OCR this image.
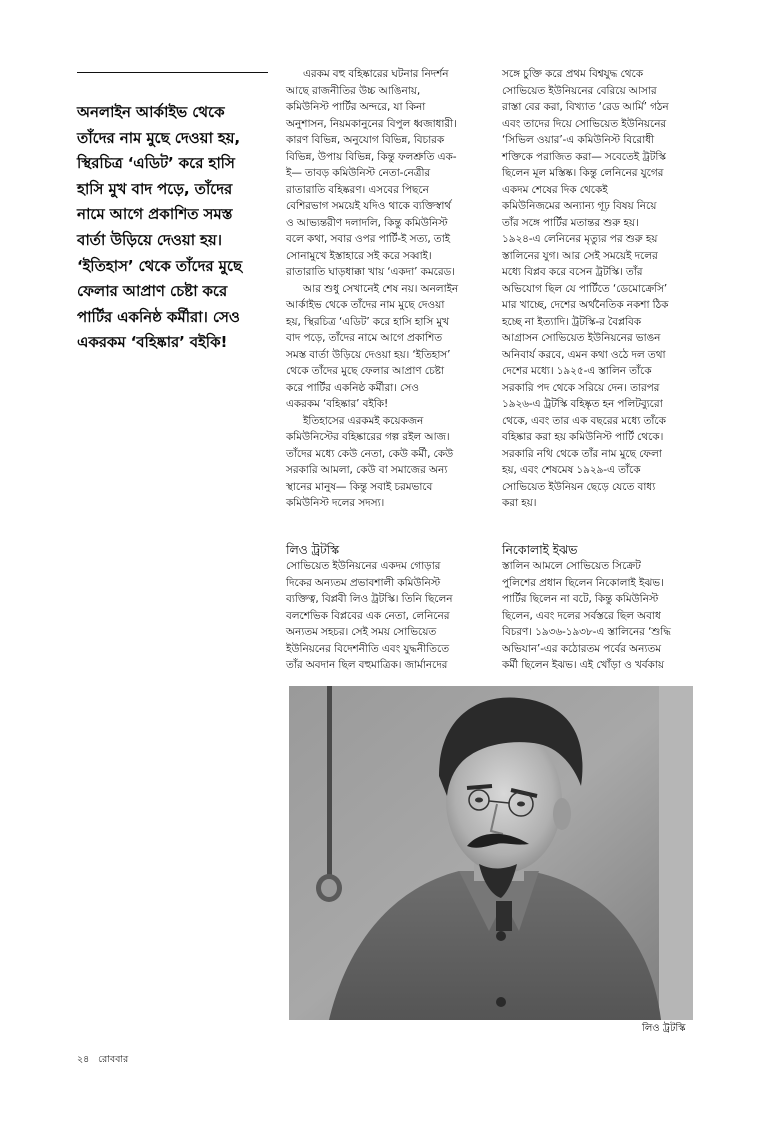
অনলাইন আর্কাইভ থেকে
তাঁদের নাম মুছে দেওয়া হয়,
স্থিরচিত্র ‘এডিট’ করে হাসি
হাসি মুখ বাদ পড়ে, তাঁদের
নামে আগে প্রকাশিত সমস্ত
বার্তা উড়িয়ে দেওয়া হয়।
‘ইতিহাস’ থেকে তাঁদের মুছে
ফেলার আপ্রাণ চেষ্টা করে
পার্টির একনিষ্ঠ কর্মীরা। সেও
একরকম ‘বহিষ্কার’ বইকি!
এরকম বহু বহিষ্কারের ঘটনার নিদর্শন
আছে রাজনীতির উচ্চ আঙিনায়,
কমিউনিস্ট পার্টির অন্দরে, যা কিনা
অনুশাসন, নিয়মকানুনের বিপুল ধ্বজাধারী।
কারণ বিভিন্ন, অনুযোগ বিভিন্ন, বিচারক
বিভিন্ন, উপায় বিভিন্ন, কিন্তু ফলশ্রুতি এক-
ই— তাবড় কমিউনিস্ট নেতা-নেত্রীর
রাতারাতি বহিষ্করণ। এসবের পিছনে
বেশিরভাগ সময়েই যদিও থাকে ব্যক্তিস্বার্থ
ও আভ্যন্তরীণ দলাদলি, কিন্তু কমিউনিস্ট
বলে কথা, সবার ওপর পার্টি-ই সত্য, তাই
সোনামুখে ইস্তাহারে সই করে সব্বাই।
রাতারাতি ঘাড়ধাক্কা খায় ‘একদা’ কমরেড।
আর শুধু সেখানেই শেষ নয়। অনলাইন
আর্কাইভ থেকে তাঁদের নাম মুছে দেওয়া
হয়, স্থিরচিত্র ‘এডিট’ করে হাসি হাসি মুখ
বাদ পড়ে, তাঁদের নামে আগে প্রকাশিত
সমস্ত বার্তা উড়িয়ে দেওয়া হয়। ‘ইতিহাস’
থেকে তাঁদের মুছে ফেলার আপ্রাণ চেষ্টা
করে পার্টির একনিষ্ঠ কর্মীরা। সেও
একরকম ‘বহিষ্কার’ বইকি!
ইতিহাসের এরকমই কয়েকজন
কমিউনিস্টের বহিষ্কারের গল্প রইল আজ।
তাঁদের মধ্যে কেউ নেতা, কেউ কর্মী, কেউ
সরকারি আমলা, কেউ বা সমাজের অন্য
স্থানের মানুষ— কিন্তু সবাই চরমভাবে
কমিউনিস্ট দলের সদস্য।
লিও ট্রটস্কি
সোভিয়েত ইউনিয়নের একদম গোড়ার
দিকের অন্যতম প্রভাবশালী কমিউনিস্ট
ব্যক্তিত্ব, বিপ্লবী লিও ট্রটস্কি। তিনি ছিলেন
বলশেভিক বিপ্লবের এক নেতা, লেনিনের
অন্যতম সহচর। সেই সময় সোভিয়েত
ইউনিয়নের বিদেশনীতি এবং যুদ্ধনীতিতে
তাঁর অবদান ছিল বহুমাত্রিক। জার্মানদের
সঙ্গে চুক্তি করে প্রথম বিশ্বযুদ্ধ থেকে
সোভিয়েত ইউনিয়নের বেরিয়ে আসার
রাস্তা বের করা, বিখ্যাত ‘রেড আর্মি’ গঠন
এবং তাদের দিয়ে সোভিয়েত ইউনিয়নের
‘সিভিল ওয়ার’-এ কমিউনিস্ট বিরোধী
শক্তিকে পরাজিত করা— সবেতেই ট্রটস্কি
ছিলেন মূল মস্তিষ্ক। কিন্তু লেনিনের যুগের
একদম শেষের দিক থেকেই
কমিউনিজমের অন্যান্য গূঢ় বিষয় নিয়ে
তাঁর সঙ্গে পার্টির মতান্তর শুরু হয়।
১৯২৪-এ লেনিনের মৃত্যুর পর শুরু হয়
স্তালিনের যুগ। আর সেই সময়েই দলের
মধ্যে বিপ্লব করে বসেন ট্রটস্কি। তাঁর
অভিযোগ ছিল যে পার্টিতে ‘ডেমোক্রেসি’
মার খাচ্ছে, দেশের অর্থনৈতিক নকশা ঠিক
হচ্ছে না ইত্যাদি। ট্রটস্কি-র বৈপ্লবিক
আগ্রাসন সোভিয়েত ইউনিয়নের ভাঙন
অনিবার্য করবে, এমন কথা ওঠে দল তথা
দেশের মধ্যে। ১৯২৫-এ স্তালিন তাঁকে
সরকারি পদ থেকে সরিয়ে দেন। তারপর
১৯২৬-এ ট্রটস্কি বহিষ্কৃত হন পলিটব্যুরো
থেকে, এবং তার এক বছরের মধ্যে তাঁকে
বহিষ্কার করা হয় কমিউনিস্ট পার্টি থেকে।
সরকারি নথি থেকে তাঁর নাম মুছে ফেলা
হয়, এবং শেষমেষ ১৯২৯-এ তাঁকে
সোভিয়েত ইউনিয়ন ছেড়ে যেতে বাধ্য
করা হয়।
নিকোলাই ইঝভ
স্তালিন আমলে সোভিয়েত সিক্রেট
পুলিশের প্রধান ছিলেন নিকোলাই ইঝভ।
পার্টির ছিলেন না বটে, কিন্তু কমিউনিস্ট
ছিলেন, এবং দলের সর্বস্তরে ছিল অবাধ
বিচরণ। ১৯৩৬-১৯৩৮-এ স্তালিনের ‘শুদ্ধি
অভিযান’-এর কঠোরতম পর্বের অন্যতম
কর্মী ছিলেন ইঝভ। এই খোঁড়া ও খর্বকায়
লিও ট্রটস্কি
২৪ রোববার
